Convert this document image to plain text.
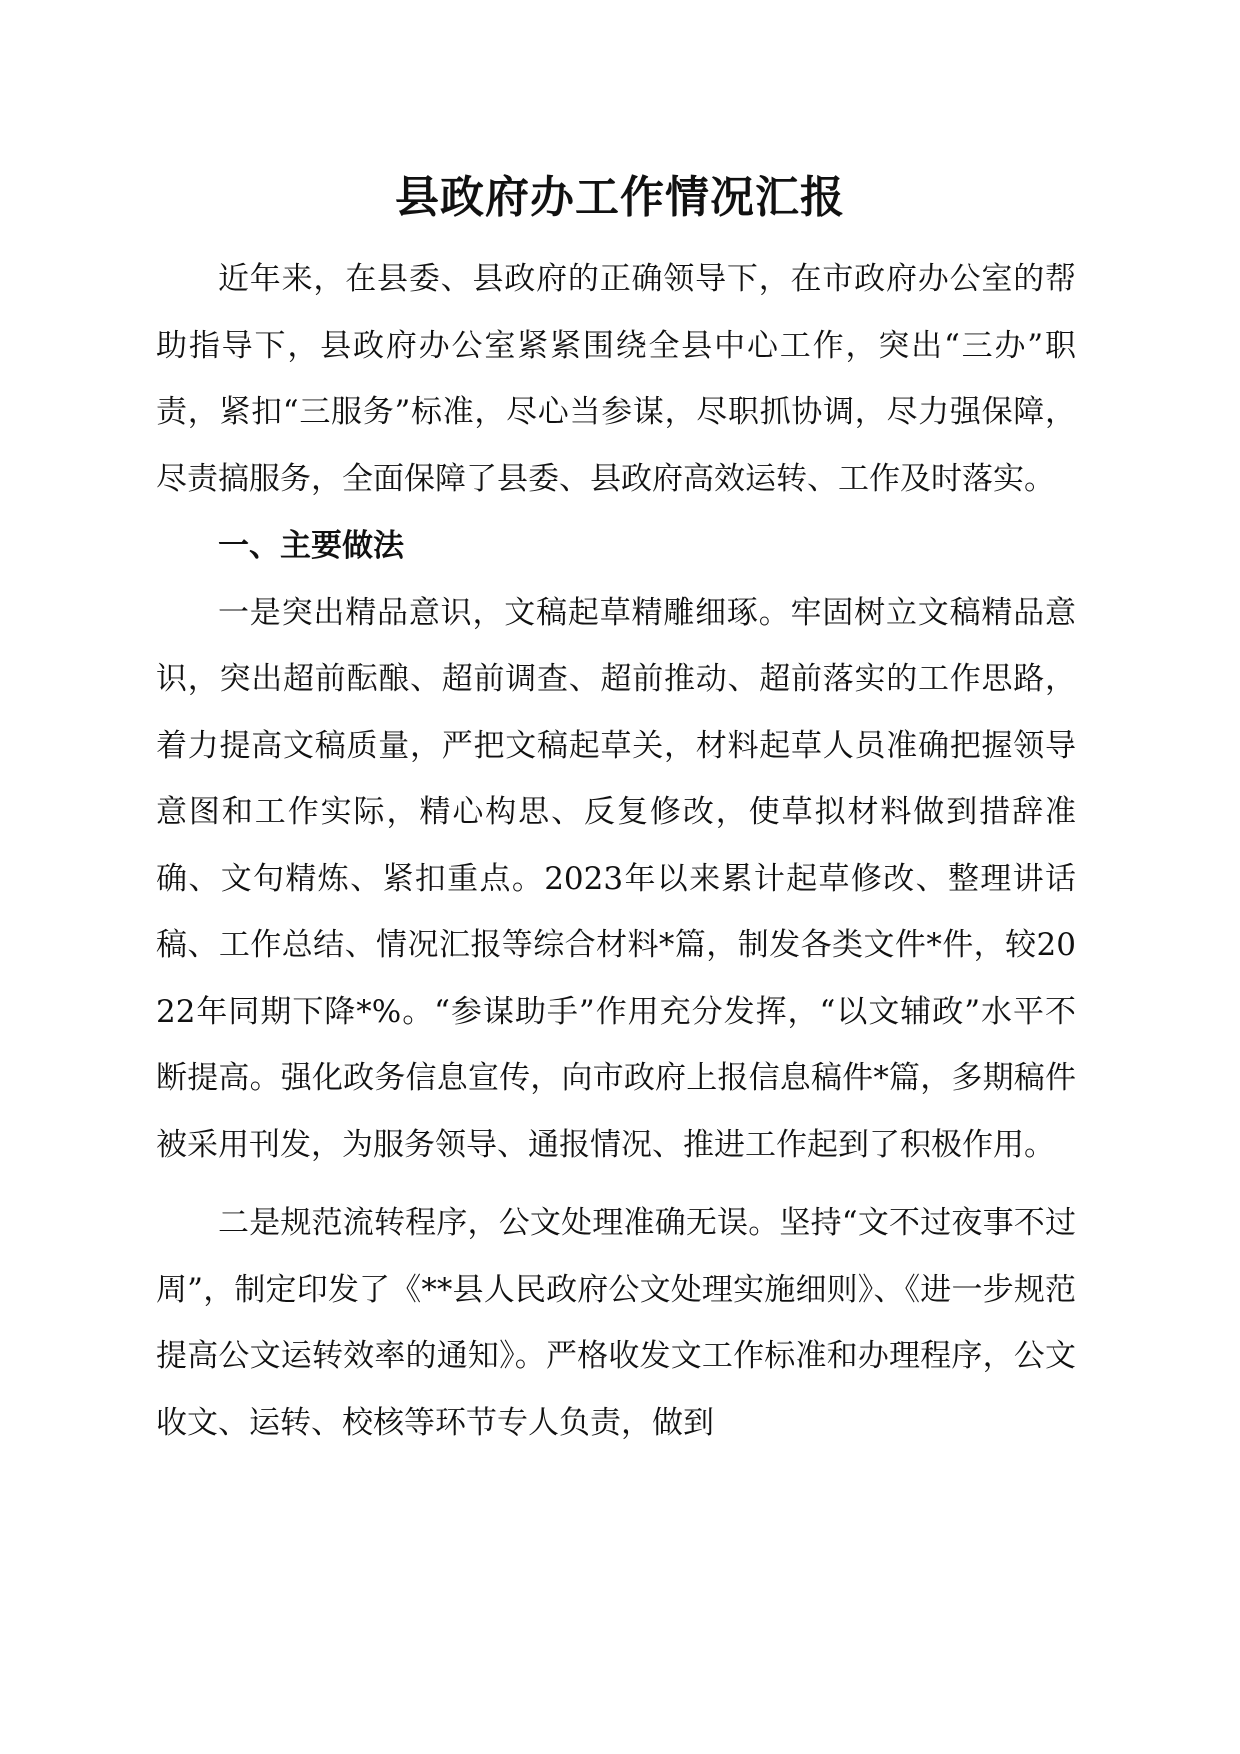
县政府办工作情况汇报

近年来，在县委、县政府的正确领导下，在市政府办公室的帮助指导下，县政府办公室紧紧围绕全县中心工作，突出“三办”职责，紧扣“三服务”标准，尽心当参谋，尽职抓协调，尽力强保障，尽责搞服务，全面保障了县委、县政府高效运转、工作及时落实。

一、主要做法

一是突出精品意识，文稿起草精雕细琢。牢固树立文稿精品意识，突出超前酝酿、超前调查、超前推动、超前落实的工作思路，着力提高文稿质量，严把文稿起草关，材料起草人员准确把握领导意图和工作实际，精心构思、反复修改，使草拟材料做到措辞准确、文句精炼、紧扣重点。2023年以来累计起草修改、整理讲话稿、工作总结、情况汇报等综合材料*篇，制发各类文件*件，较2022年同期下降*%。“参谋助手”作用充分发挥，“以文辅政”水平不断提高。强化政务信息宣传，向市政府上报信息稿件*篇，多期稿件被采用刊发，为服务领导、通报情况、推进工作起到了积极作用。

二是规范流转程序，公文处理准确无误。坚持“文不过夜事不过周”，制定印发了《**县人民政府公文处理实施细则》、《进一步规范提高公文运转效率的通知》。严格收发文工作标准和办理程序，公文收文、运转、校核等环节专人负责，做到
